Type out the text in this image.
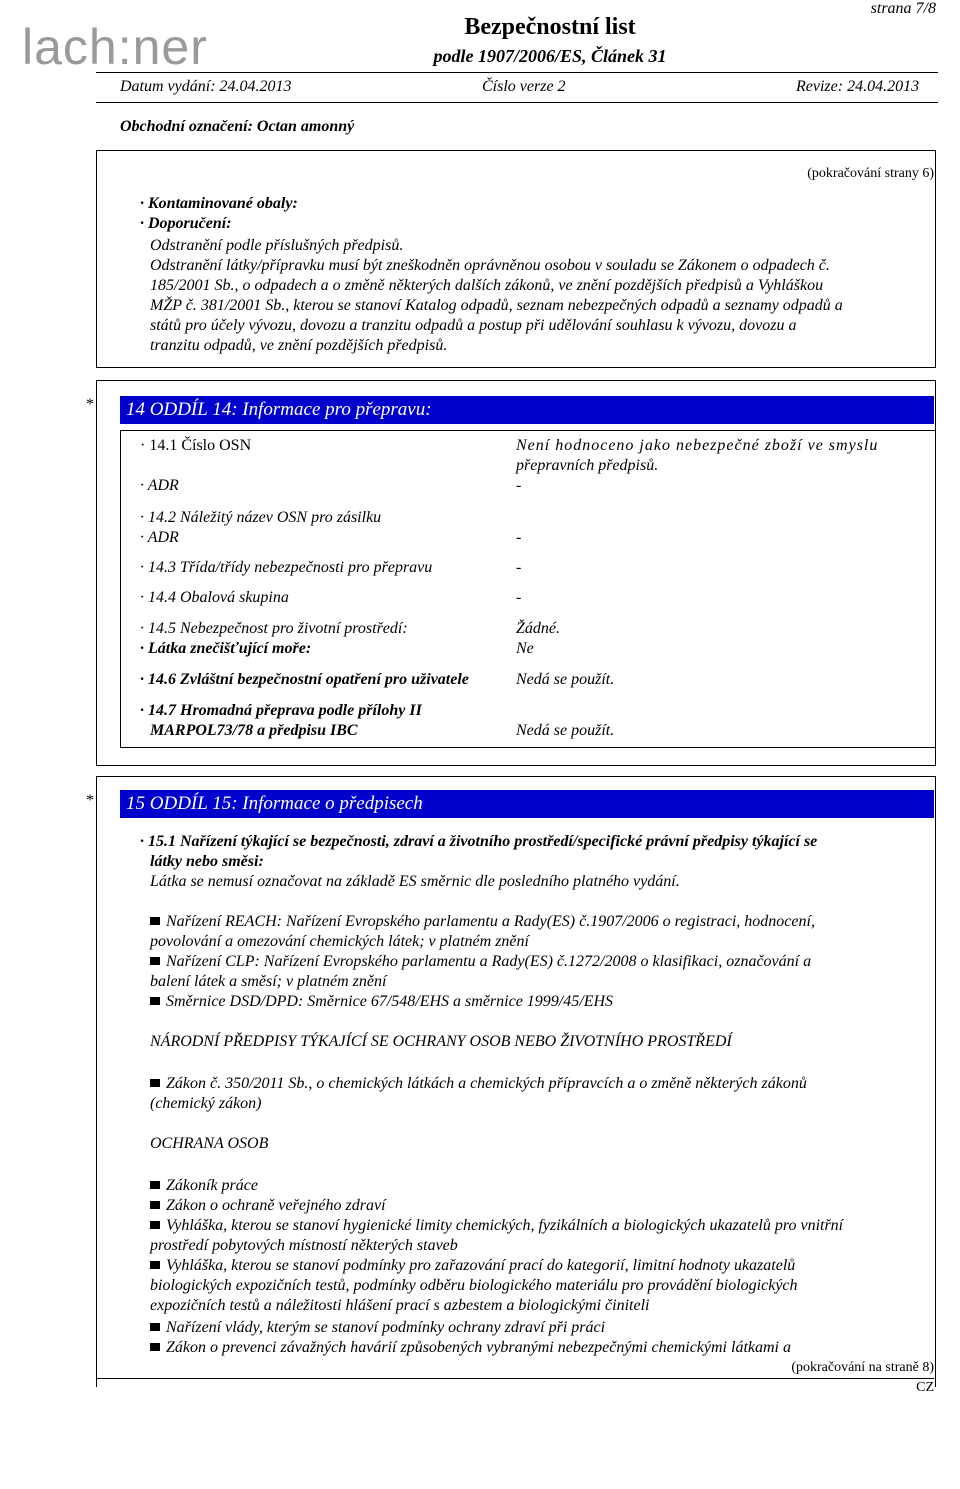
lach:ner	Bezpečnostní list
podle 1907/2006/ES, Článek 31
strana 7/8
Datum vydání: 24.04.2013	Číslo verze 2	Revize: 24.04.2013
Obchodní označení: Octan amonný
(pokračování strany 6)
· Kontaminované obaly:
· Doporučení:
Odstranění podle příslušných předpisů.
Odstranění látky/přípravku musí být zneškodněn oprávněnou osobou v souladu se Zákonem o odpadech č.
185/2001 Sb., o odpadech a o změně některých dalších zákonů, ve znění pozdějších předpisů a Vyhláškou
MŽP č. 381/2001 Sb., kterou se stanoví Katalog odpadů, seznam nebezpečných odpadů a seznamy odpadů a
států pro účely vývozu, dovozu a tranzitu odpadů a postup při udělování souhlasu k vývozu, dovozu a
tranzitu odpadů, ve znění pozdějších předpisů.
*	14 ODDÍL 14: Informace pro přepravu:
· 14.1 Číslo OSN	Není hodnoceno jako nebezpečné zboží ve smyslu
přepravních předpisů.
· ADR	-
· 14.2 Náležitý název OSN pro zásilku
· ADR	-
· 14.3 Třída/třídy nebezpečnosti pro přepravu	-
· 14.4 Obalová skupina	-
· 14.5 Nebezpečnost pro životní prostředí:	Žádné.
· Látka znečišťující moře:	Ne
· 14.6 Zvláštní bezpečnostní opatření pro uživatele	Nedá se použít.
· 14.7 Hromadná přeprava podle přílohy II
MARPOL73/78 a předpisu IBC	Nedá se použít.
*	15 ODDÍL 15: Informace o předpisech
· 15.1 Nařízení týkající se bezpečnosti, zdraví a životního prostředí/specifické právní předpisy týkající se
látky nebo směsi:
Látka se nemusí označovat na základě ES směrnic dle posledního platného vydání.
Nařízení REACH: Nařízení Evropského parlamentu a Rady(ES) č.1907/2006 o registraci, hodnocení,
povolování a omezování chemických látek; v platném znění
Nařízení CLP: Nařízení Evropského parlamentu a Rady(ES) č.1272/2008 o klasifikaci, označování a
balení látek a směsí; v platném znění
Směrnice DSD/DPD: Směrnice 67/548/EHS a směrnice 1999/45/EHS
NÁRODNÍ PŘEDPISY TÝKAJÍCÍ SE OCHRANY OSOB NEBO ŽIVOTNÍHO PROSTŘEDÍ
Zákon č. 350/2011 Sb., o chemických látkách a chemických přípravcích a o změně některých zákonů
(chemický zákon)
OCHRANA OSOB
Zákoník práce
Zákon o ochraně veřejného zdraví
Vyhláška, kterou se stanoví hygienické limity chemických, fyzikálních a biologických ukazatelů pro vnitřní
prostředí pobytových místností některých staveb
Vyhláška, kterou se stanoví podmínky pro zařazování prací do kategorií, limitní hodnoty ukazatelů
biologických expozičních testů, podmínky odběru biologického materiálu pro provádění biologických
expozičních testů a náležitosti hlášení prací s azbestem a biologickými činiteli
Nařízení vlády, kterým se stanoví podmínky ochrany zdraví při práci
Zákon o prevenci závažných havárií způsobených vybranými nebezpečnými chemickými látkami a
(pokračování na straně 8)
CZ
